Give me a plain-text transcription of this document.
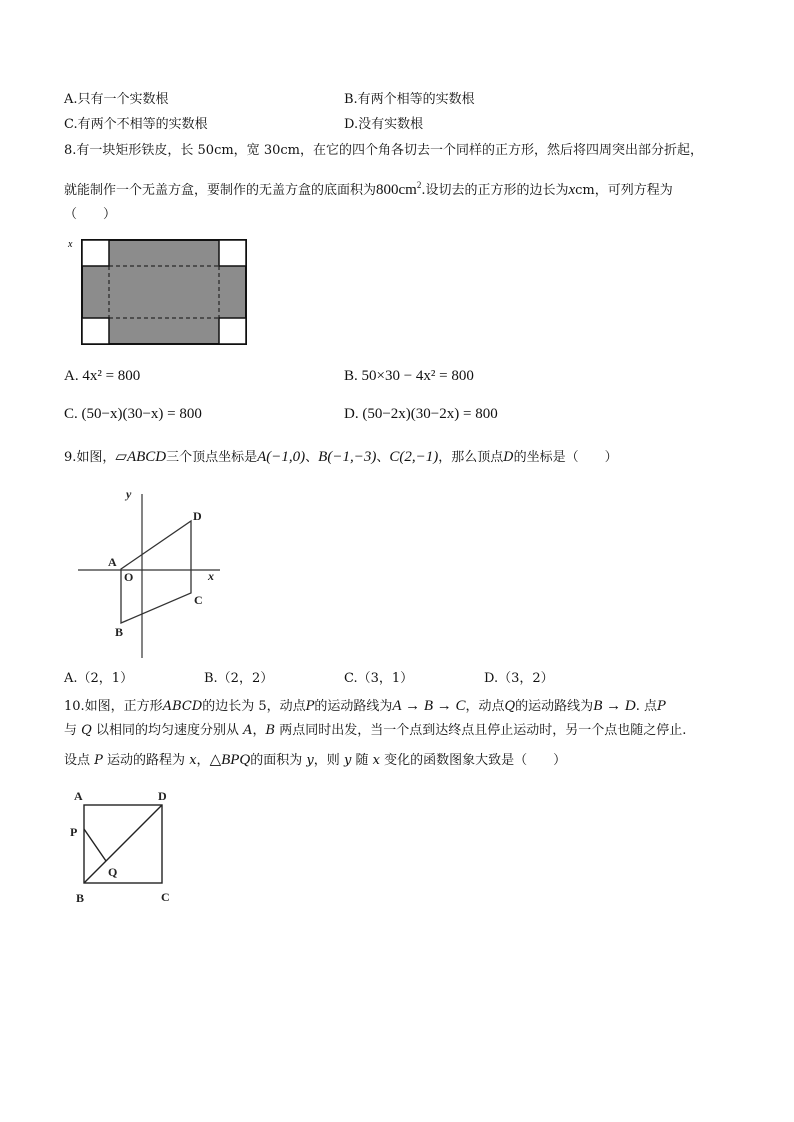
A.只有一个实数根	B.有两个相等的实数根
C.有两个不相等的实数根	D.没有实数根
8.有一块矩形铁皮，长 50cm，宽 30cm，在它的四个角各切去一个同样的正方形，然后将四周突出部分折起，
就能制作一个无盖方盒，要制作的无盖方盒的底面积为$800cm^2$.设切去的正方形的边长为xcm，可列方程为
（　　）
x
A. 4x² = 800	B. 50×30 − 4x² = 800
C. (50−x)(30−x) = 800	D. (50−2x)(30−2x) = 800
9.如图，▱ABCD三个顶点坐标是A(−1,0)、B(−1,−3)、C(2,−1)，那么顶点D的坐标是（　　）
y
x
A
O
B
C
D
A.（2，1）	B.（2，2）	C.（3，1）	D.（3，2）
10.如图，正方形ABCD的边长为 5，动点P的运动路线为A → B → C，动点Q的运动路线为B → D. 点P
与 Q 以相同的均匀速度分别从 A，B 两点同时出发，当一个点到达终点且停止运动时，另一个点也随之停止.
设点 P 运动的路程为 x，△BPQ的面积为 y，则 y 随 x 变化的函数图象大致是（　　）
A	D
P
Q
B	C
